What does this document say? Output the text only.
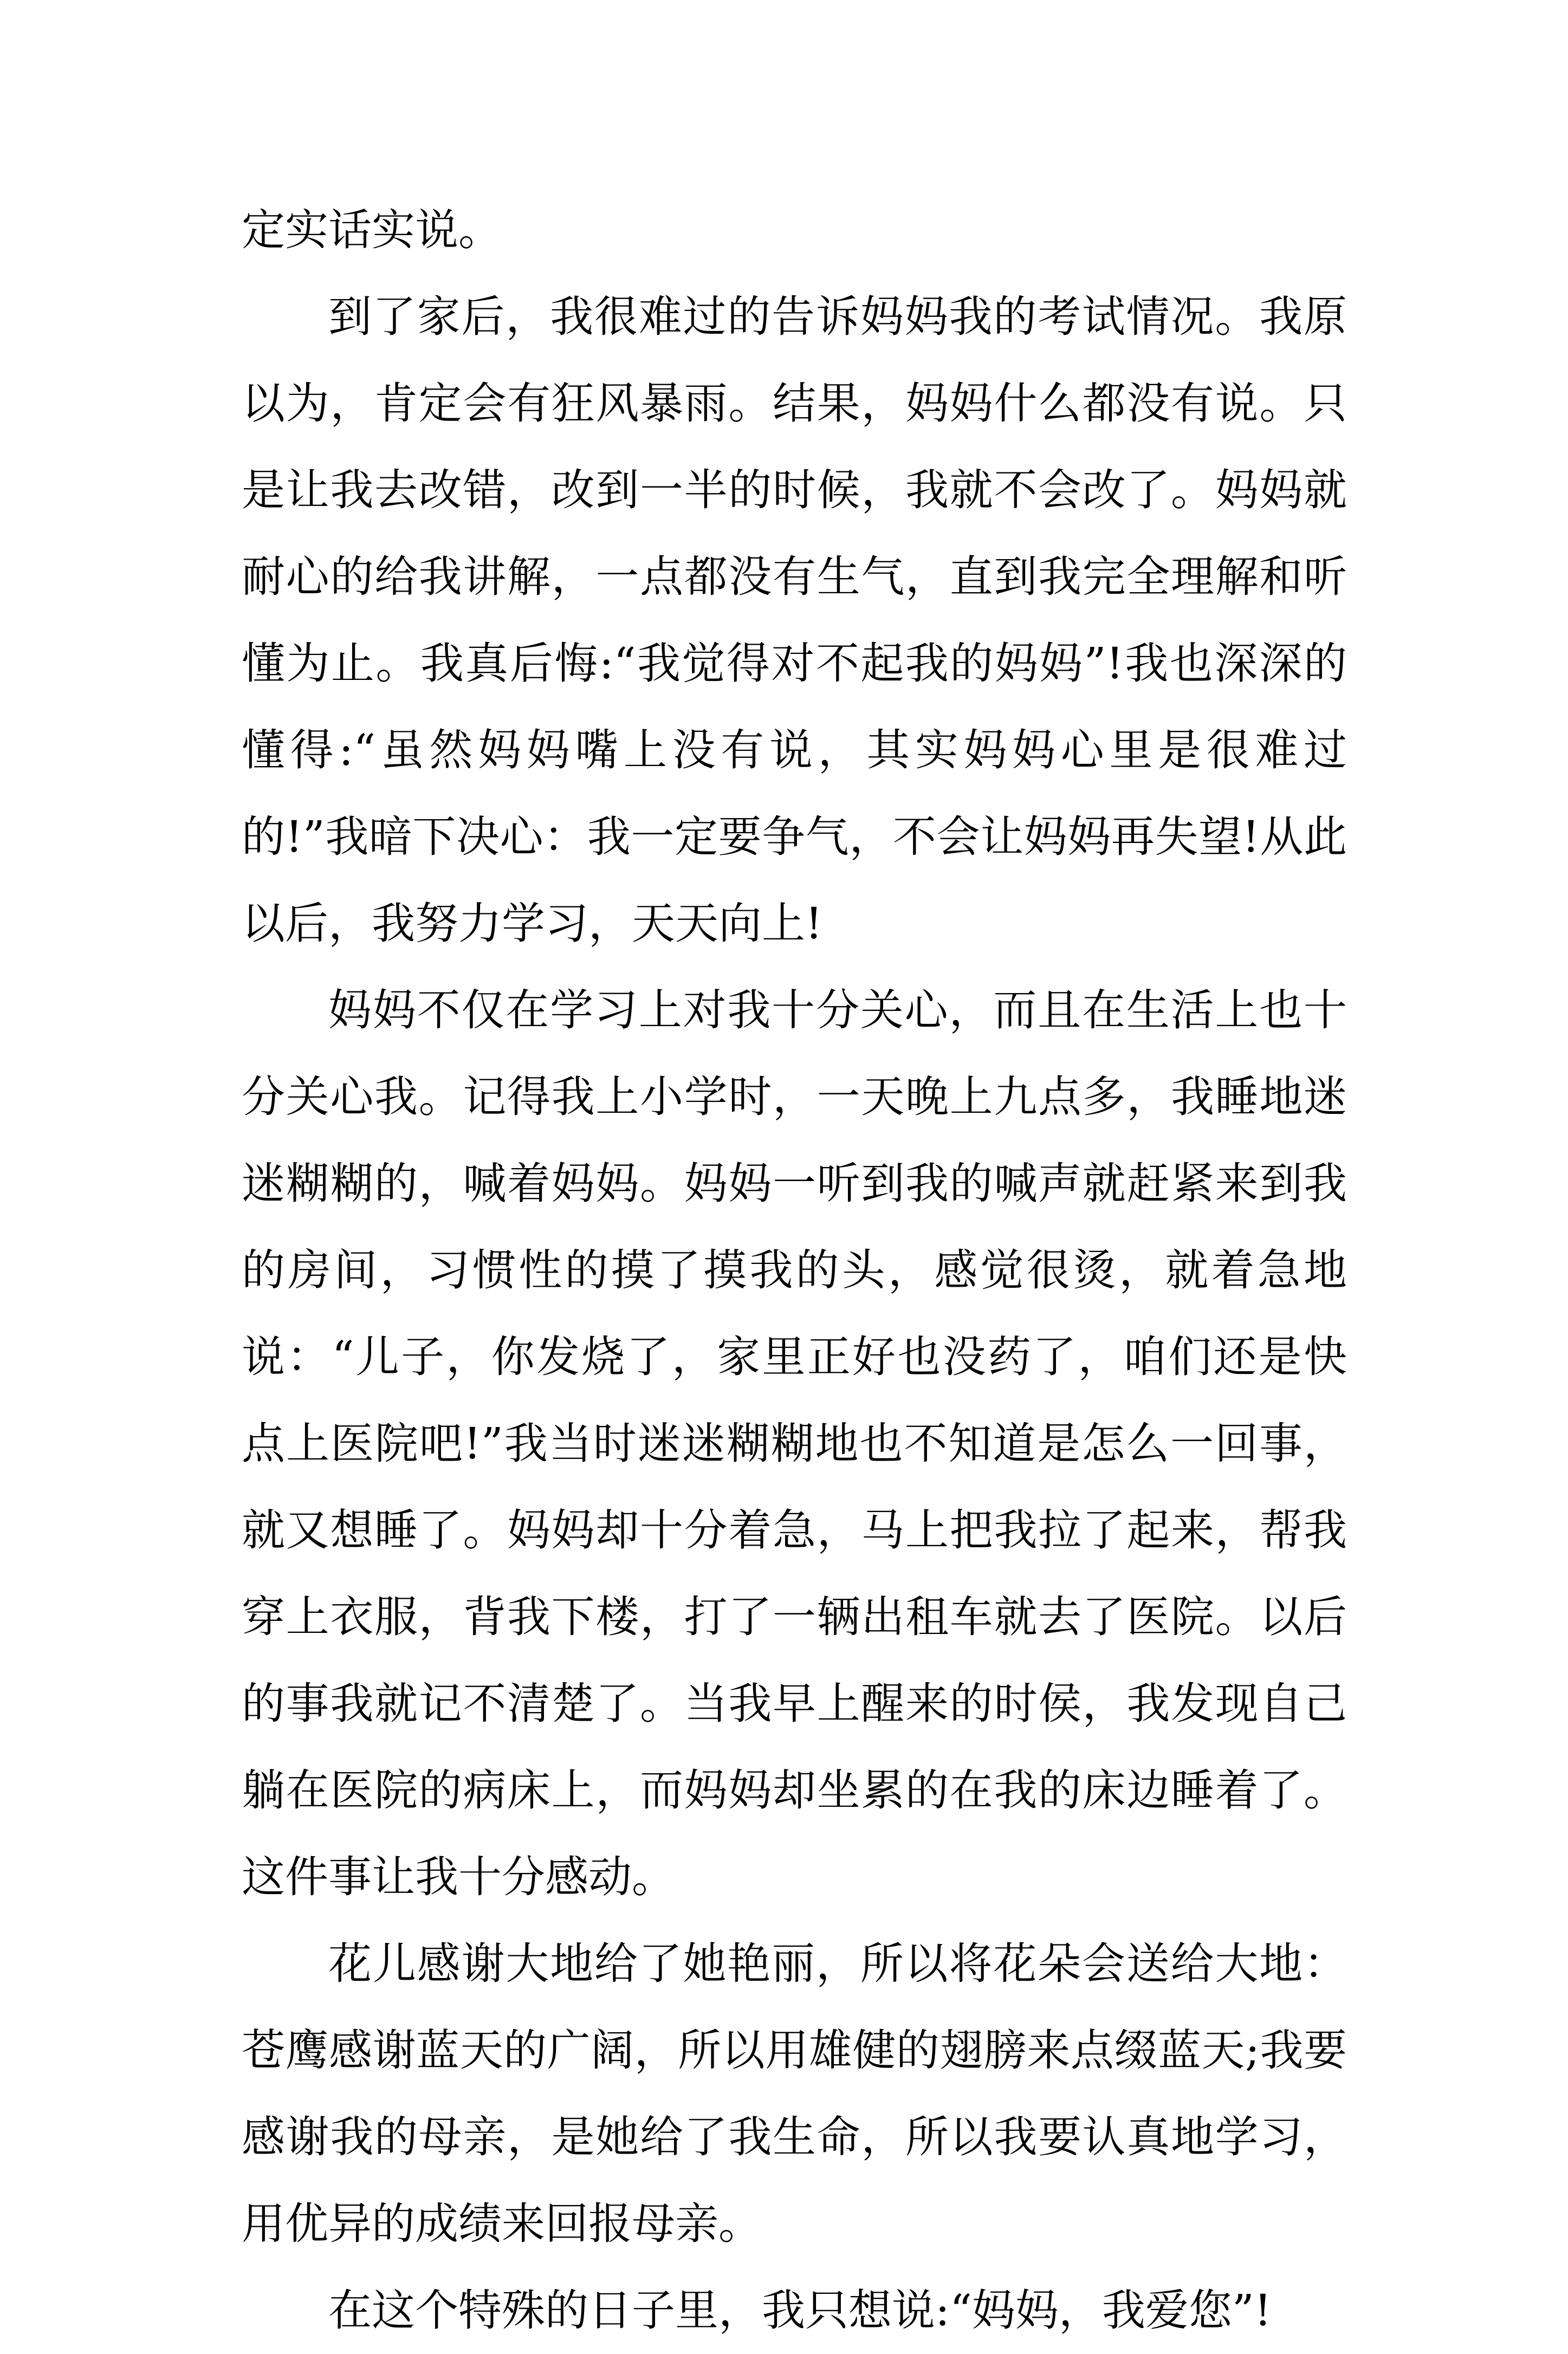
定实话实说。

到了家后，我很难过的告诉妈妈我的考试情况。我原以为，肯定会有狂风暴雨。结果，妈妈什么都没有说。只是让我去改错，改到一半的时候，我就不会改了。妈妈就耐心的给我讲解，一点都没有生气，直到我完全理解和听懂为止。我真后悔:“我觉得对不起我的妈妈”!我也深深的懂得:“虽然妈妈嘴上没有说，其实妈妈心里是很难过的!”我暗下决心：我一定要争气，不会让妈妈再失望!从此以后，我努力学习，天天向上!

妈妈不仅在学习上对我十分关心，而且在生活上也十分关心我。记得我上小学时，一天晚上九点多，我睡地迷迷糊糊的，喊着妈妈。妈妈一听到我的喊声就赶紧来到我的房间，习惯性的摸了摸我的头，感觉很烫，就着急地说：“儿子，你发烧了，家里正好也没药了，咱们还是快点上医院吧!”我当时迷迷糊糊地也不知道是怎么一回事，就又想睡了。妈妈却十分着急，马上把我拉了起来，帮我穿上衣服，背我下楼，打了一辆出租车就去了医院。以后的事我就记不清楚了。当我早上醒来的时侯，我发现自己躺在医院的病床上，而妈妈却坐累的在我的床边睡着了。这件事让我十分感动。

花儿感谢大地给了她艳丽，所以将花朵会送给大地：苍鹰感谢蓝天的广阔，所以用雄健的翅膀来点缀蓝天;我要感谢我的母亲，是她给了我生命，所以我要认真地学习，用优异的成绩来回报母亲。

在这个特殊的日子里，我只想说:“妈妈，我爱您”!
